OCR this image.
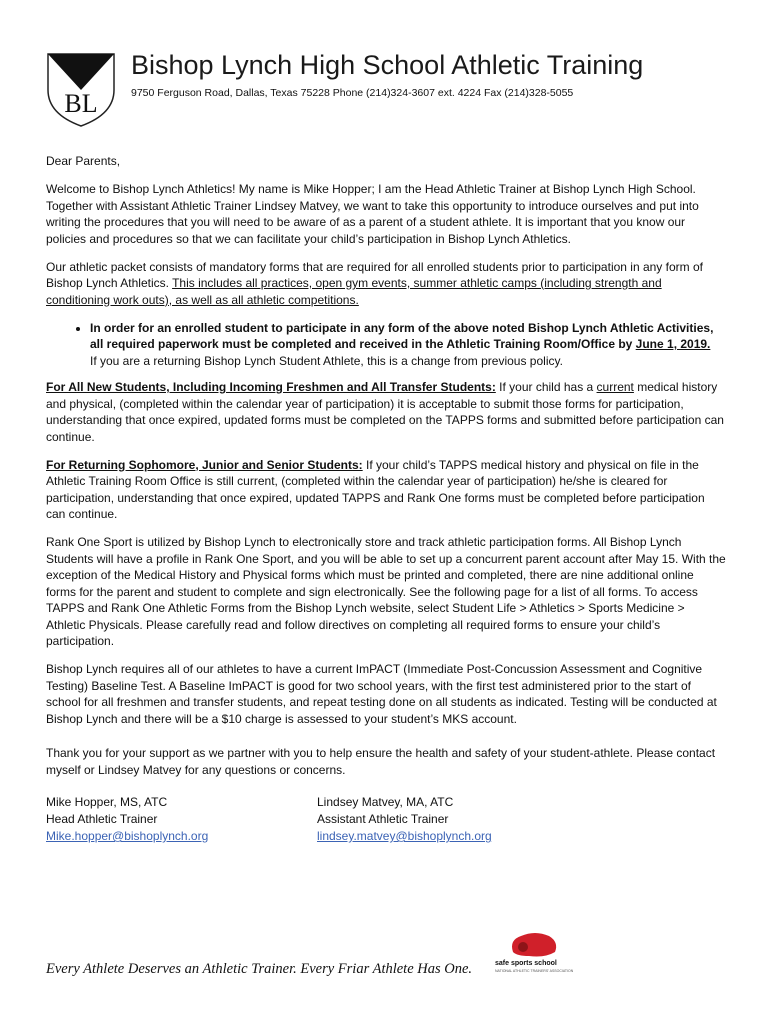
BL
Bishop Lynch High School Athletic Training
9750 Ferguson Road, Dallas, Texas 75228 Phone (214)324-3607 ext. 4224 Fax (214)328-5055

Dear Parents,

Welcome to Bishop Lynch Athletics! My name is Mike Hopper; I am the Head Athletic Trainer at Bishop Lynch High School. Together with Assistant Athletic Trainer Lindsey Matvey, we want to take this opportunity to introduce ourselves and put into writing the procedures that you will need to be aware of as a parent of a student athlete. It is important that you know our policies and procedures so that we can facilitate your child’s participation in Bishop Lynch Athletics.

Our athletic packet consists of mandatory forms that are required for all enrolled students prior to participation in any form of Bishop Lynch Athletics. This includes all practices, open gym events, summer athletic camps (including strength and conditioning work outs), as well as all athletic competitions.

• In order for an enrolled student to participate in any form of the above noted Bishop Lynch Athletic Activities, all required paperwork must be completed and received in the Athletic Training Room/Office by June 1, 2019.
If you are a returning Bishop Lynch Student Athlete, this is a change from previous policy.

For All New Students, Including Incoming Freshmen and All Transfer Students: If your child has a current medical history and physical, (completed within the calendar year of participation) it is acceptable to submit those forms for participation, understanding that once expired, updated forms must be completed on the TAPPS forms and submitted before participation can continue.

For Returning Sophomore, Junior and Senior Students: If your child’s TAPPS medical history and physical on file in the Athletic Training Room Office is still current, (completed within the calendar year of participation) he/she is cleared for participation, understanding that once expired, updated TAPPS and Rank One forms must be completed before participation can continue.

Rank One Sport is utilized by Bishop Lynch to electronically store and track athletic participation forms. All Bishop Lynch Students will have a profile in Rank One Sport, and you will be able to set up a concurrent parent account after May 15. With the exception of the Medical History and Physical forms which must be printed and completed, there are nine additional online forms for the parent and student to complete and sign electronically. See the following page for a list of all forms. To access TAPPS and Rank One Athletic Forms from the Bishop Lynch website, select Student Life > Athletics > Sports Medicine > Athletic Physicals. Please carefully read and follow directives on completing all required forms to ensure your child’s participation.

Bishop Lynch requires all of our athletes to have a current ImPACT (Immediate Post-Concussion Assessment and Cognitive Testing) Baseline Test. A Baseline ImPACT is good for two school years, with the first test administered prior to the start of school for all freshmen and transfer students, and repeat testing done on all students as indicated. Testing will be conducted at Bishop Lynch and there will be a $10 charge is assessed to your student’s MKS account.

Thank you for your support as we partner with you to help ensure the health and safety of your student-athlete. Please contact myself or Lindsey Matvey for any questions or concerns.

Mike Hopper, MS, ATC
Head Athletic Trainer
Mike.hopper@bishoplynch.org
Lindsey Matvey, MA, ATC
Assistant Athletic Trainer
lindsey.matvey@bishoplynch.org
Every Athlete Deserves an Athletic Trainer. Every Friar Athlete Has One.	safe sports school
NATIONAL ATHLETIC TRAINERS' ASSOCIATION
